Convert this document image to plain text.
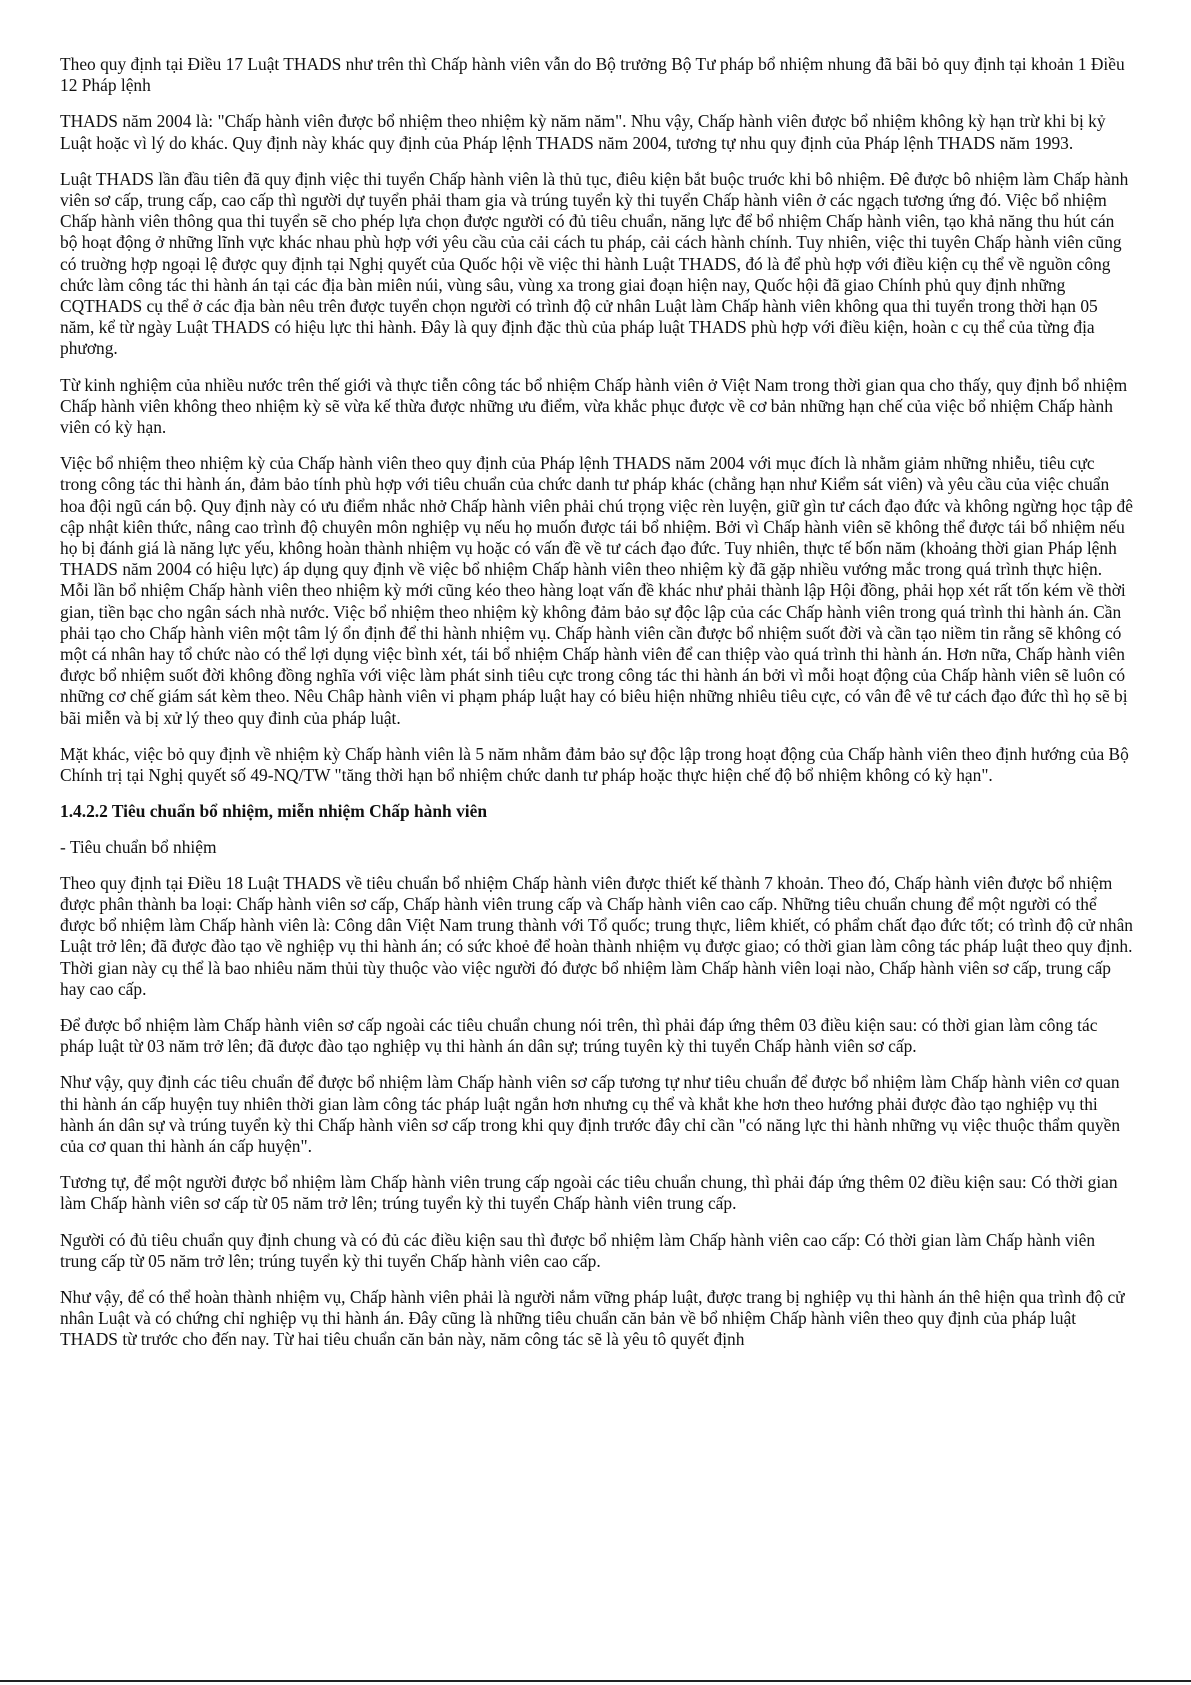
Theo quy định tại Điều 17 Luật THADS như trên thì Chấp hành viên vẫn do Bộ trưởng Bộ Tư pháp bổ nhiệm nhung đã bãi bỏ quy định tại khoản 1 Điều 12 Pháp lệnh

THADS năm 2004 là: "Chấp hành viên được bổ nhiệm theo nhiệm kỳ năm năm". Nhu vậy, Chấp hành viên được bổ nhiệm không kỳ hạn trừ khi bị kỷ Luật hoặc vì lý do khác. Quy định này khác quy định của Pháp lệnh THADS năm 2004, tương tự nhu quy định của Pháp lệnh THADS năm 1993.

Luật THADS lần đầu tiên đã quy định việc thi tuyển Chấp hành viên là thủ tục, điêu kiện bắt buộc truớc khi bô nhiệm. Đê được bô nhiệm làm Chấp hành viên sơ cấp, trung cấp, cao cấp thì người dự tuyển phải tham gia và trúng tuyển kỳ thi tuyển Chấp hành viên ở các ngạch tương ứng đó. Việc bổ nhiệm Chấp hành viên thông qua thi tuyển sẽ cho phép lựa chọn được người có đủ tiêu chuẩn, năng lực để bổ nhiệm Chấp hành viên, tạo khả năng thu hút cán bộ hoạt động ở những lĩnh vực khác nhau phù hợp với yêu cầu của cải cách tu pháp, cải cách hành chính. Tuy nhiên, việc thi tuyên Chấp hành viên cũng có truờng hợp ngoại lệ được quy định tại Nghị quyết của Quốc hội về việc thi hành Luật THADS, đó là để phù hợp với điều kiện cụ thể về nguồn công chức làm công tác thi hành án tại các địa bàn miên núi, vùng sâu, vùng xa trong giai đoạn hiện nay, Quốc hội đã giao Chính phủ quy định những CQTHADS cụ thể ở các địa bàn nêu trên được tuyển chọn người có trình độ cử nhân Luật làm Chấp hành viên không qua thi tuyển trong thời hạn 05 năm, kể từ ngày Luật THADS có hiệu lực thi hành. Đây là quy định đặc thù của pháp luật THADS phù hợp với điều kiện, hoàn c cụ thể của từng địa phương.

Từ kinh nghiệm của nhiều nước trên thế giới và thực tiễn công tác bổ nhiệm Chấp hành viên ở Việt Nam trong thời gian qua cho thấy, quy định bổ nhiệm Chấp hành viên không theo nhiệm kỳ sẽ vừa kế thừa được những ưu điểm, vừa khắc phục được về cơ bản những hạn chế của việc bổ nhiệm Chấp hành viên có kỳ hạn.

Việc bổ nhiệm theo nhiệm kỳ của Chấp hành viên theo quy định của Pháp lệnh THADS năm 2004 với mục đích là nhằm giảm những nhiễu, tiêu cực trong công tác thi hành án, đảm bảo tính phù hợp với tiêu chuẩn của chức danh tư pháp khác (chẳng hạn như Kiểm sát viên) và yêu cầu của việc chuẩn hoa đội ngũ cán bộ. Quy định này có ưu điểm nhắc nhở Chấp hành viên phải chú trọng việc rèn luyện, giữ gìn tư cách đạo đức và không ngừng học tập đê cập nhật kiên thức, nâng cao trình độ chuyên môn nghiệp vụ nếu họ muốn được tái bổ nhiệm. Bởi vì Chấp hành viên sẽ không thể được tái bổ nhiệm nếu họ bị đánh giá là năng lực yếu, không hoàn thành nhiệm vụ hoặc có vấn đề về tư cách đạo đức. Tuy nhiên, thực tế bốn năm (khoảng thời gian Pháp lệnh THADS năm 2004 có hiệu lực) áp dụng quy định về việc bổ nhiệm Chấp hành viên theo nhiệm kỳ đã gặp nhiều vướng mắc trong quá trình thực hiện. Mỗi lần bổ nhiệm Chấp hành viên theo nhiệm kỳ mới cũng kéo theo hàng loạt vấn đề khác như phải thành lập Hội đồng, phải họp xét rất tốn kém về thời gian, tiền bạc cho ngân sách nhà nước. Việc bổ nhiệm theo nhiệm kỳ không đảm bảo sự độc lập của các Chấp hành viên trong quá trình thi hành án. Cần phải tạo cho Chấp hành viên một tâm lý ổn định để thi hành nhiệm vụ. Chấp hành viên cần được bổ nhiệm suốt đời và cần tạo niềm tin rằng sẽ không có một cá nhân hay tổ chức nào có thể lợi dụng việc bình xét, tái bổ nhiệm Chấp hành viên để can thiệp vào quá trình thi hành án. Hơn nữa, Chấp hành viên được bổ nhiệm suốt đời không đồng nghĩa với việc làm phát sinh tiêu cực trong công tác thi hành án bởi vì mỗi hoạt động của Chấp hành viên sẽ luôn có những cơ chế giám sát kèm theo. Nêu Châp hành viên vi phạm pháp luật hay có biêu hiện những nhiêu tiêu cực, có vân đê vê tư cách đạo đức thì họ sẽ bị bãi miễn và bị xử lý theo quy đinh của pháp luật.

Mặt khác, việc bỏ quy định về nhiệm kỳ Chấp hành viên là 5 năm nhằm đảm bảo sự độc lập trong hoạt động của Chấp hành viên theo định hướng của Bộ Chính trị tại Nghị quyết số 49-NQ/TW "tăng thời hạn bổ nhiệm chức danh tư pháp hoặc thực hiện chế độ bổ nhiệm không có kỳ hạn".

1.4.2.2 Tiêu chuẩn bổ nhiệm, miễn nhiệm Chấp hành viên

- Tiêu chuẩn bổ nhiệm

Theo quy định tại Điều 18 Luật THADS về tiêu chuẩn bổ nhiệm Chấp hành viên được thiết kế thành 7 khoản. Theo đó, Chấp hành viên được bổ nhiệm được phân thành ba loại: Chấp hành viên sơ cấp, Chấp hành viên trung cấp và Chấp hành viên cao cấp. Những tiêu chuẩn chung để một người có thể được bổ nhiệm làm Chấp hành viên là: Công dân Việt Nam trung thành với Tổ quốc; trung thực, liêm khiết, có phẩm chất đạo đức tốt; có trình độ cử nhân Luật trở lên; đã được đào tạo về nghiệp vụ thi hành án; có sức khoẻ để hoàn thành nhiệm vụ được giao; có thời gian làm công tác pháp luật theo quy định. Thời gian này cụ thể là bao nhiêu năm thủi tùy thuộc vào việc người đó được bổ nhiệm làm Chấp hành viên loại nào, Chấp hành viên sơ cấp, trung cấp hay cao cấp.

Để được bổ nhiệm làm Chấp hành viên sơ cấp ngoài các tiêu chuẩn chung nói trên, thì phải đáp ứng thêm 03 điều kiện sau: có thời gian làm công tác pháp luật từ 03 năm trở lên; đã được đào tạo nghiệp vụ thi hành án dân sự; trúng tuyên kỳ thi tuyển Chấp hành viên sơ cấp.

Như vậy, quy định các tiêu chuẩn để được bổ nhiệm làm Chấp hành viên sơ cấp tương tự như tiêu chuẩn để được bổ nhiệm làm Chấp hành viên cơ quan thi hành án cấp huyện tuy nhiên thời gian làm công tác pháp luật ngắn hơn nhưng cụ thể và khắt khe hơn theo hướng phải được đào tạo nghiệp vụ thi hành án dân sự và trúng tuyển kỳ thi Chấp hành viên sơ cấp trong khi quy định trước đây chỉ cần "có năng lực thi hành những vụ việc thuộc thẩm quyền của cơ quan thi hành án cấp huyện".

Tương tự, để một người được bổ nhiệm làm Chấp hành viên trung cấp ngoài các tiêu chuẩn chung, thì phải đáp ứng thêm 02 điều kiện sau: Có thời gian làm Chấp hành viên sơ cấp từ 05 năm trở lên; trúng tuyển kỳ thi tuyển Chấp hành viên trung cấp.

Người có đủ tiêu chuẩn quy định chung và có đủ các điều kiện sau thì được bổ nhiệm làm Chấp hành viên cao cấp: Có thời gian làm Chấp hành viên trung cấp từ 05 năm trở lên; trúng tuyển kỳ thi tuyển Chấp hành viên cao cấp.

Như vậy, để có thể hoàn thành nhiệm vụ, Chấp hành viên phải là người nắm vững pháp luật, được trang bị nghiệp vụ thi hành án thê hiện qua trình độ cử nhân Luật và có chứng chỉ nghiệp vụ thi hành án. Đây cũng là những tiêu chuẩn căn bản về bổ nhiệm Chấp hành viên theo quy định của pháp luật THADS từ trước cho đến nay. Từ hai tiêu chuẩn căn bản này, năm công tác sẽ là yêu tô quyết định
